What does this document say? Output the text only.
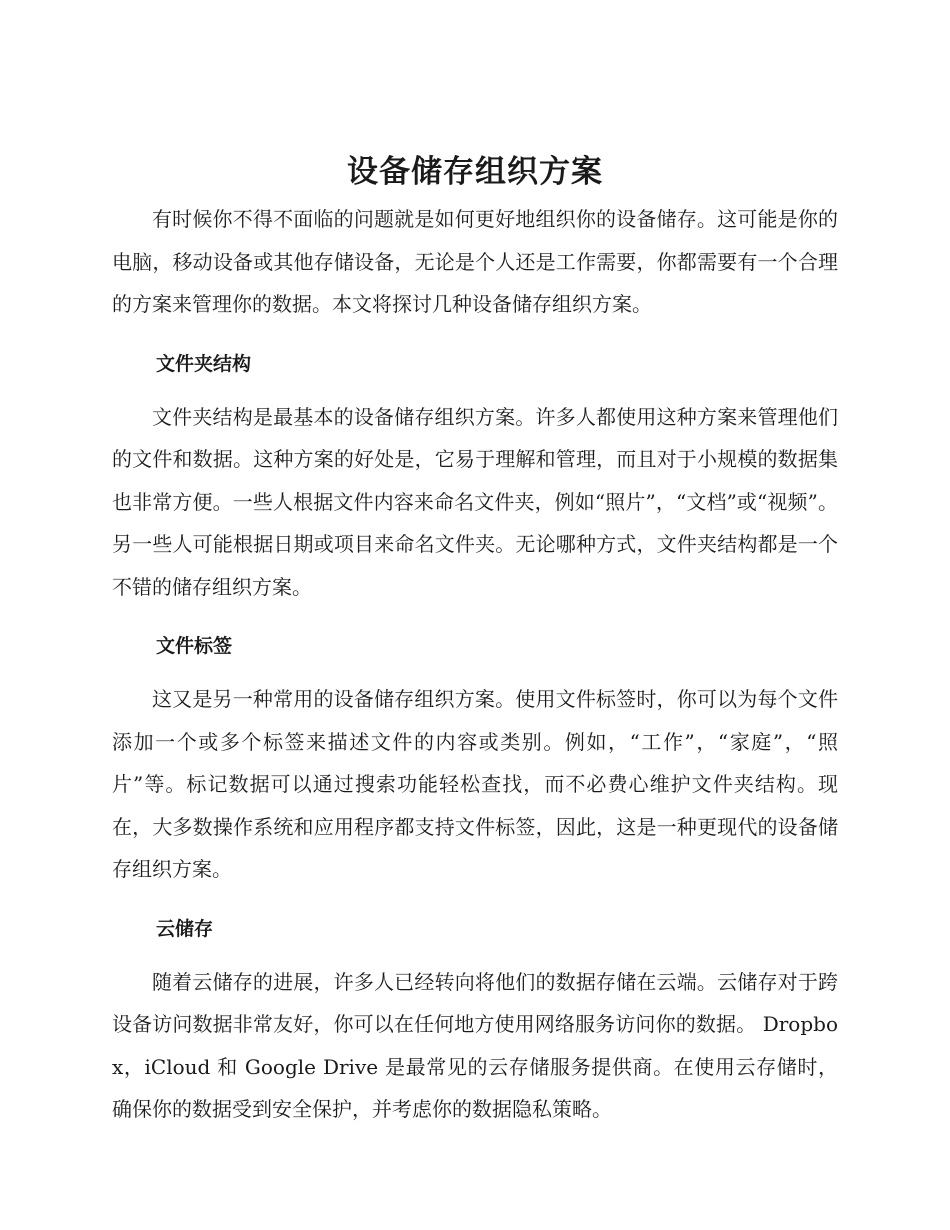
设备储存组织方案

有时候你不得不面临的问题就是如何更好地组织你的设备储存。这可能是你的电脑，移动设备或其他存储设备，无论是个人还是工作需要，你都需要有一个合理的方案来管理你的数据。本文将探讨几种设备储存组织方案。

文件夹结构

文件夹结构是最基本的设备储存组织方案。许多人都使用这种方案来管理他们的文件和数据。这种方案的好处是，它易于理解和管理，而且对于小规模的数据集也非常方便。一些人根据文件内容来命名文件夹，例如“照片”，“文档”或“视频”。另一些人可能根据日期或项目来命名文件夹。无论哪种方式，文件夹结构都是一个不错的储存组织方案。

文件标签

这又是另一种常用的设备储存组织方案。使用文件标签时，你可以为每个文件添加一个或多个标签来描述文件的内容或类别。例如，“工作”，“家庭”，“照片”等。标记数据可以通过搜索功能轻松查找，而不必费心维护文件夹结构。现在，大多数操作系统和应用程序都支持文件标签，因此，这是一种更现代的设备储存组织方案。

云储存

随着云储存的进展，许多人已经转向将他们的数据存储在云端。云储存对于跨设备访问数据非常友好，你可以在任何地方使用网络服务访问你的数据。 Dropbox，iCloud 和 Google Drive 是最常见的云存储服务提供商。在使用云存储时，确保你的数据受到安全保护，并考虑你的数据隐私策略。
